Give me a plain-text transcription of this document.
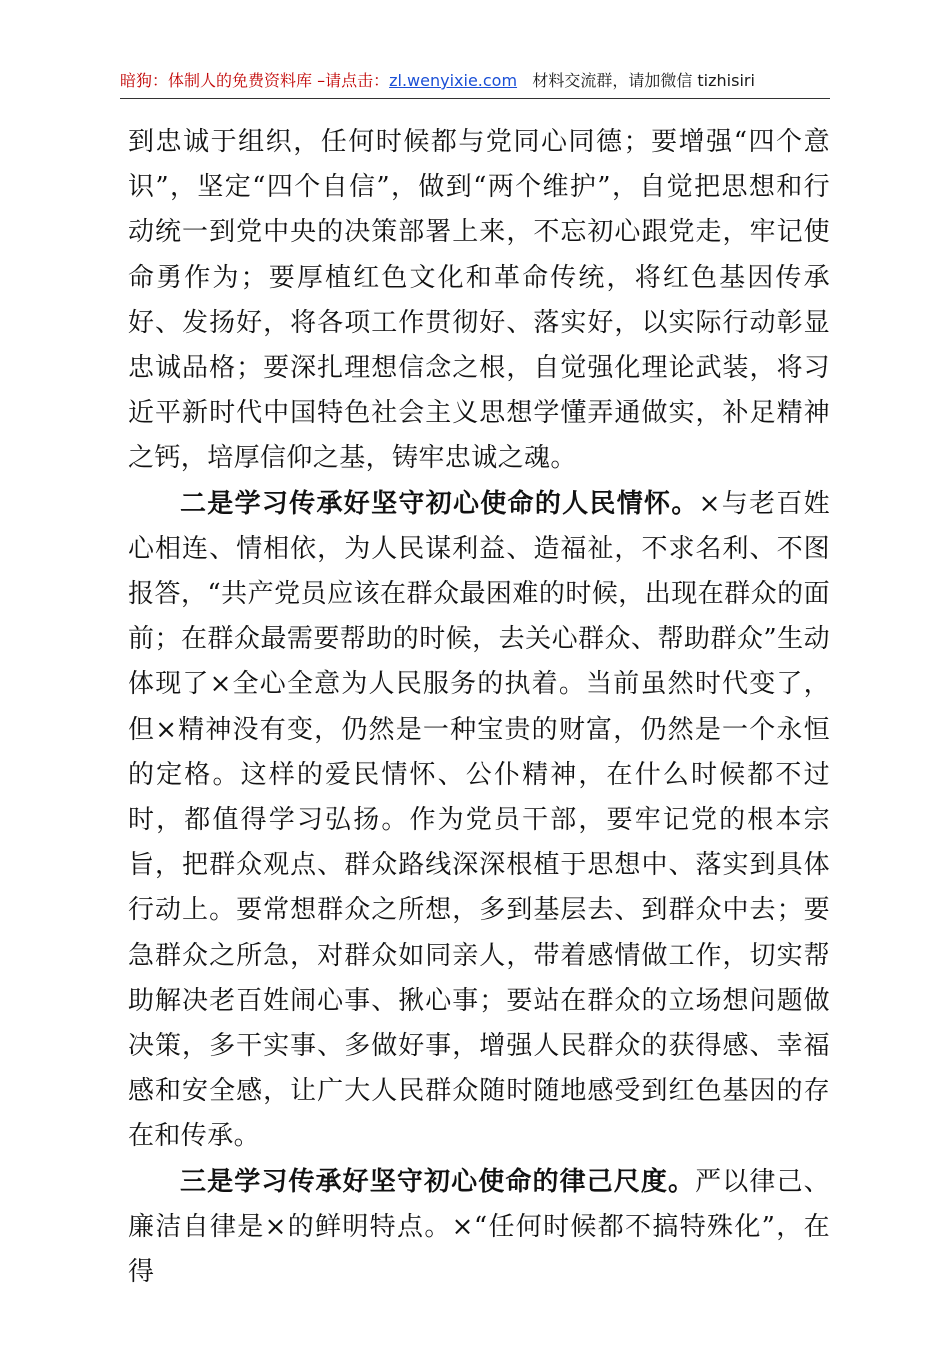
暗狗：体制人的免费资料库 –请点击：zl.wenyixie.com 材料交流群，请加微信 tizhisiri

到忠诚于组织，任何时候都与党同心同德；要增强“四个意识”，坚定“四个自信”，做到“两个维护”，自觉把思想和行动统一到党中央的决策部署上来，不忘初心跟党走，牢记使命勇作为；要厚植红色文化和革命传统，将红色基因传承好、发扬好，将各项工作贯彻好、落实好，以实际行动彰显忠诚品格；要深扎理想信念之根，自觉强化理论武装，将习近平新时代中国特色社会主义思想学懂弄通做实，补足精神之钙，培厚信仰之基，铸牢忠诚之魂。

二是学习传承好坚守初心使命的人民情怀。×与老百姓心相连、情相依，为人民谋利益、造福祉，不求名利、不图报答，“共产党员应该在群众最困难的时候，出现在群众的面前；在群众最需要帮助的时候，去关心群众、帮助群众”生动体现了×全心全意为人民服务的执着。当前虽然时代变了，但×精神没有变，仍然是一种宝贵的财富，仍然是一个永恒的定格。这样的爱民情怀、公仆精神，在什么时候都不过时，都值得学习弘扬。作为党员干部，要牢记党的根本宗旨，把群众观点、群众路线深深根植于思想中、落实到具体行动上。要常想群众之所想，多到基层去、到群众中去；要急群众之所急，对群众如同亲人，带着感情做工作，切实帮助解决老百姓闹心事、揪心事；要站在群众的立场想问题做决策，多干实事、多做好事，增强人民群众的获得感、幸福感和安全感，让广大人民群众随时随地感受到红色基因的存在和传承。

三是学习传承好坚守初心使命的律己尺度。严以律己、廉洁自律是×的鲜明特点。×“任何时候都不搞特殊化”，在得
